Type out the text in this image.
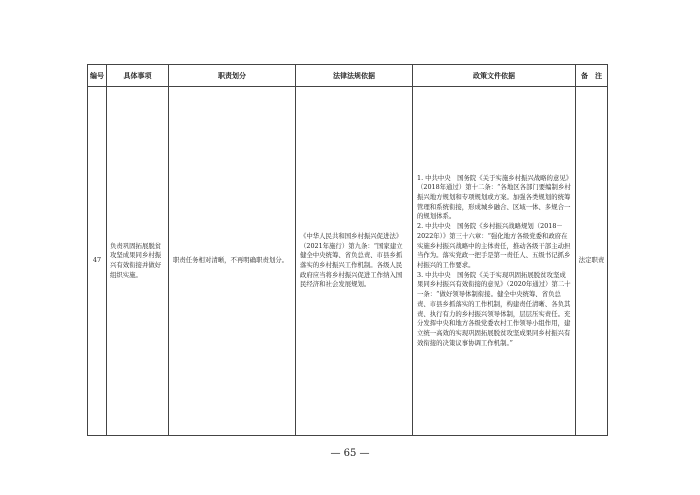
编号	具体事项	职责划分	法律法规依据	政策文件依据	备　注
47	负责巩固拓展脱贫攻坚成果同乡村振兴有效衔接并做好组织实施。	职责任务相对清晰，不再明确职责划分。	《中华人民共和国乡村振兴促进法》（2021年施行）第九条：“国家建立健全中央统筹、省负总责、市县乡抓落实的乡村振兴工作机制。各级人民政府应当将乡村振兴促进工作纳入国民经济和社会发展规划。	1. 中共中央　国务院《关于实施乡村振兴战略的意见》（2018年通过）第十二条：“各地区各部门要编制乡村振兴地方规划和专项规划或方案。加强各类规划的统筹管理和系统衔接，形成城乡融合、区域一体、多规合一的规划体系。

2. 中共中央　国务院《乡村振兴战略规划（2018－2022年）》第三十六章：“强化地方各级党委和政府在实施乡村振兴战略中的主体责任，推动各级干部主动担当作为。落实党政一把手是第一责任人、五级书记抓乡村振兴的工作要求。

3. 中共中央　国务院《关于实现巩固拓展脱贫攻坚成果同乡村振兴有效衔接的意见》（2020年通过）第二十一条：“做好领导体制衔接。健全中央统筹、省负总责、市县乡抓落实的工作机制，构建责任清晰、各负其责、执行有力的乡村振兴领导体制，层层压实责任。充分发挥中央和地方各级党委农村工作领导小组作用，建立统一高效的实现巩固拓展脱贫攻坚成果同乡村振兴有效衔接的决策议事协调工作机制。”	法定职责
— 65 —
